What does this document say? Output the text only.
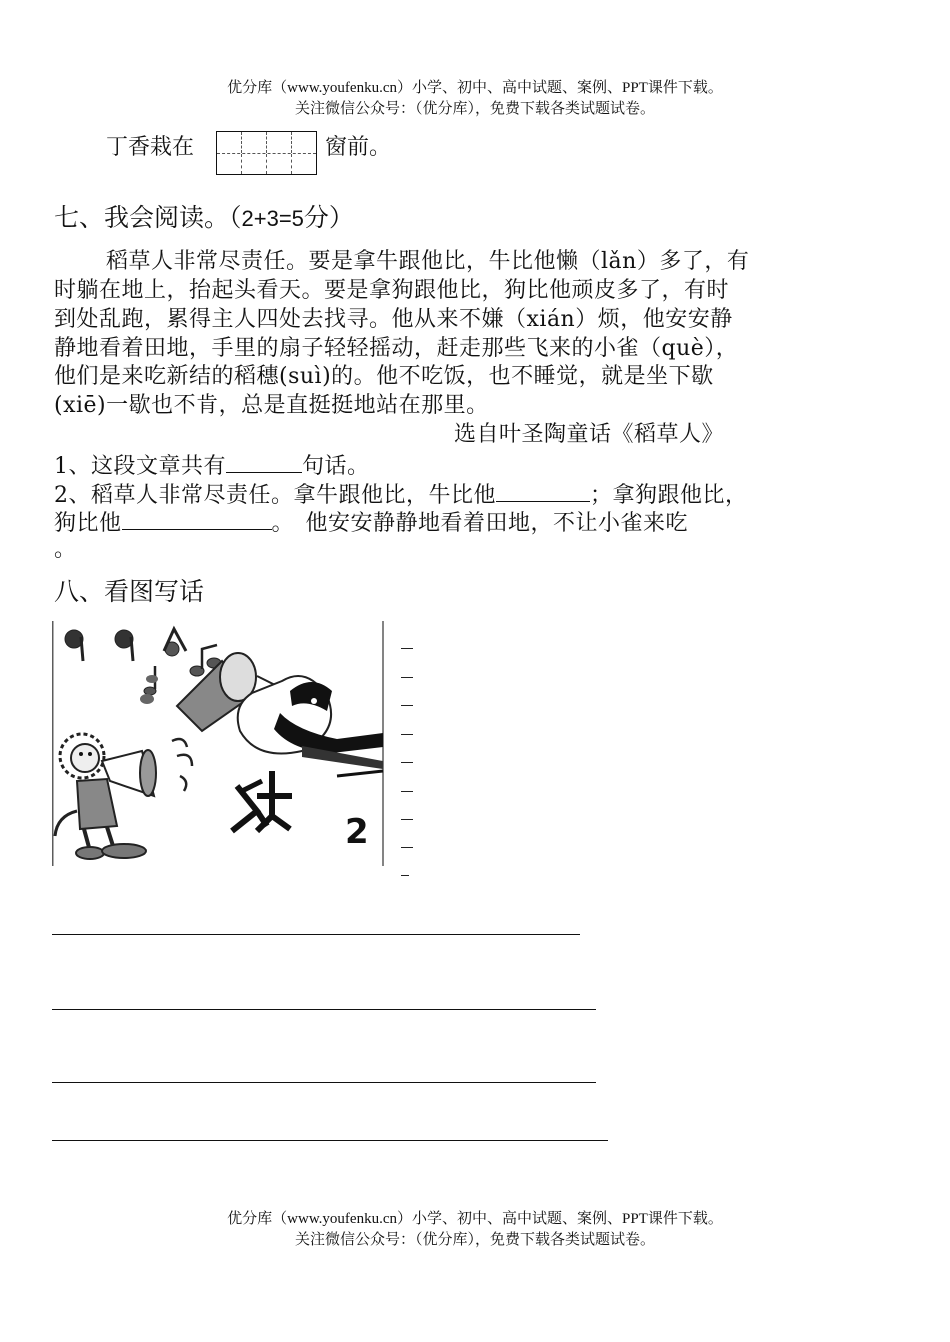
优分库（www.youfenku.cn）小学、初中、高中试题、案例、PPT课件下载。
关注微信公众号：（优分库），免费下载各类试题试卷。
丁香栽在	窗前。
七、我会阅读。（2+3=5分）
稻草人非常尽责任。要是拿牛跟他比，牛比他懒（lǎn）多了，有
时躺在地上，抬起头看天。要是拿狗跟他比，狗比他顽皮多了，有时
到处乱跑，累得主人四处去找寻。他从来不嫌（xián）烦，他安安静
静地看着田地，手里的扇子轻轻摇动，赶走那些飞来的小雀（què），
他们是来吃新结的稻穗(suì)的。他不吃饭，也不睡觉，就是坐下歇
(xiē)一歇也不肯，总是直挺挺地站在那里。
选自叶圣陶童话《稻草人》
1、这段文章共有	句话。
2、稻草人非常尽责任。拿牛跟他比，牛比他	；拿狗跟他比，
狗比他	。　他安安静静地看着田地，不让小雀来吃
。
八、看图写话
2
优分库（www.youfenku.cn）小学、初中、高中试题、案例、PPT课件下载。
关注微信公众号：（优分库），免费下载各类试题试卷。
